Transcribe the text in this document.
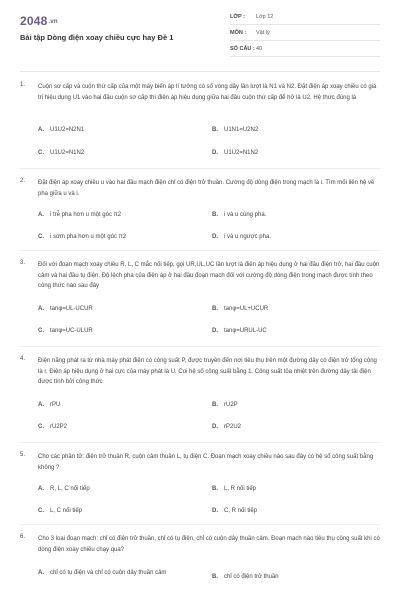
2048.vn
Bài tập Dòng điện xoay chiều cực hay Đề 1
LỚP : Lớp 12
MÔN : Vật lý
SỐ CÂU : 40
1. Cuộn sơ cấp và cuộn thứ cấp của một máy biến áp lí tưởng có số vòng dây lần lượt là N1 và N2. Đặt điện áp xoay chiều có giá trị hiệu dụng U1 vào hai đầu cuộn sơ cấp thì điện áp hiệu dụng giữa hai đầu cuộn thứ cấp để hở là U2. Hệ thức đúng là

A. U1U2=N2N1	B. U1N1=U2N2
C. U1U2=N1N2	D. U1U2=N1N2
2. Đặt điện áp xoay chiều u vào hai đầu mạch điện chỉ có điện trở thuần. Cường độ dòng điện trong mạch là i. Tìm mối liên hệ về pha giữa u và i.

A. i trễ pha hơn u một góc π2	B. i và u cùng pha.
C. i sớm pha hơn u một góc π2	D. i và u ngược pha.
3. Đối với đoạn mạch xoay chiều R, L, C mắc nối tiếp, gọi UR,UL,UC lần lượt là điện áp hiệu dụng ở hai đầu điện trở, hai đầu cuộn cảm và hai đầu tụ điện. Độ lệch pha của điện áp ở hai đầu đoạn mạch đối với cường độ dòng điện trong mạch được tính theo công thức nào sau đây

A. tanφ=UL-UCUR	B. tanφ=UL+UCUR
C. tanφ=UC-ULUR	D. tanφ=URUL-UC
4. Điện năng phát ra từ nhà máy phát điện có công suất P, được truyền đến nơi tiêu thụ trên một đường dây có điện trở tổng cộng là r. Điện áp hiệu dụng ở hai cực của máy phát là U. Coi hệ số công suất bằng 1. Công suất tỏa nhiệt trên đường dây tải điện được tính bởi công thức

A. rPU	B. rU2P
C. rU2P2	D. rP2U2
5. Cho các phần tử: điện trở thuần R, cuộn cảm thuần L, tụ điện C. Đoạn mạch xoay chiều nào sau đây có hệ số công suất bằng không ?

A. R, L, C nối tiếp	B. L, R nối tiếp
C. L, C nối tiếp	D. C, R nối tiếp
6. Cho 3 loại đoạn mạch: chỉ có điện trở thuần, chỉ có tụ điện, chỉ có cuộn dây thuần cảm. Đoạn mạch nào tiêu thụ công suất khi có dòng điện xoay chiều chạy qua?

A. chỉ có tụ điện và chỉ có cuộn dây thuần cảm
B. chỉ có điện trở thuần
